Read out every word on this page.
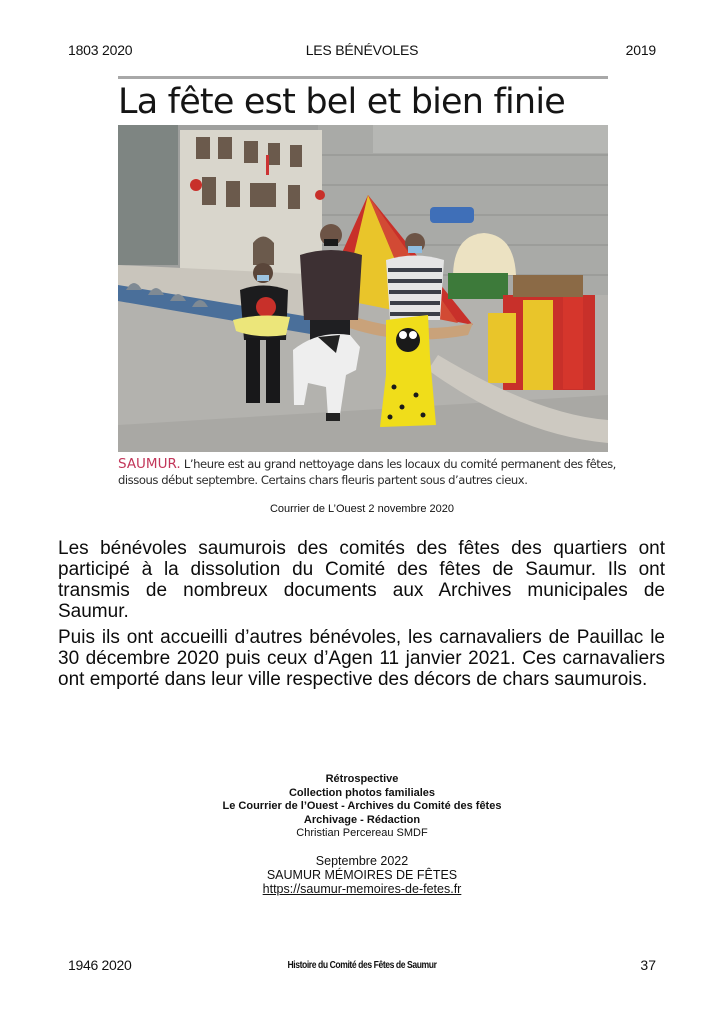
1803 2020	LES BÉNÉVOLES	2019
La fête est bel et bien finie
SAUMUR. L’heure est au grand nettoyage dans les locaux du comité permanent des fêtes, dissous début septembre. Certains chars fleuris partent sous d’autres cieux.
Courrier de L’Ouest 2 novembre 2020

Les bénévoles saumurois des comités des fêtes des quartiers ont participé à la dissolution du Comité des fêtes de Saumur. Ils ont transmis de nombreux documents aux Archives municipales de Saumur.

Puis ils ont accueilli d’autres bénévoles, les carnavaliers de Pauillac le 30 décembre 2020 puis ceux d’Agen 11 janvier 2021. Ces carnavaliers ont emporté dans leur ville respective des décors de chars saumurois.

Rétrospective
Collection photos familiales
Le Courrier de l’Ouest - Archives du Comité des fêtes
Archivage - Rédaction
Christian Percereau SMDF
Septembre 2022
SAUMUR MÉMOIRES DE FÊTES
https://saumur-memoires-de-fetes.fr
1946 2020	Histoire du Comité des Fêtes de Saumur	37
